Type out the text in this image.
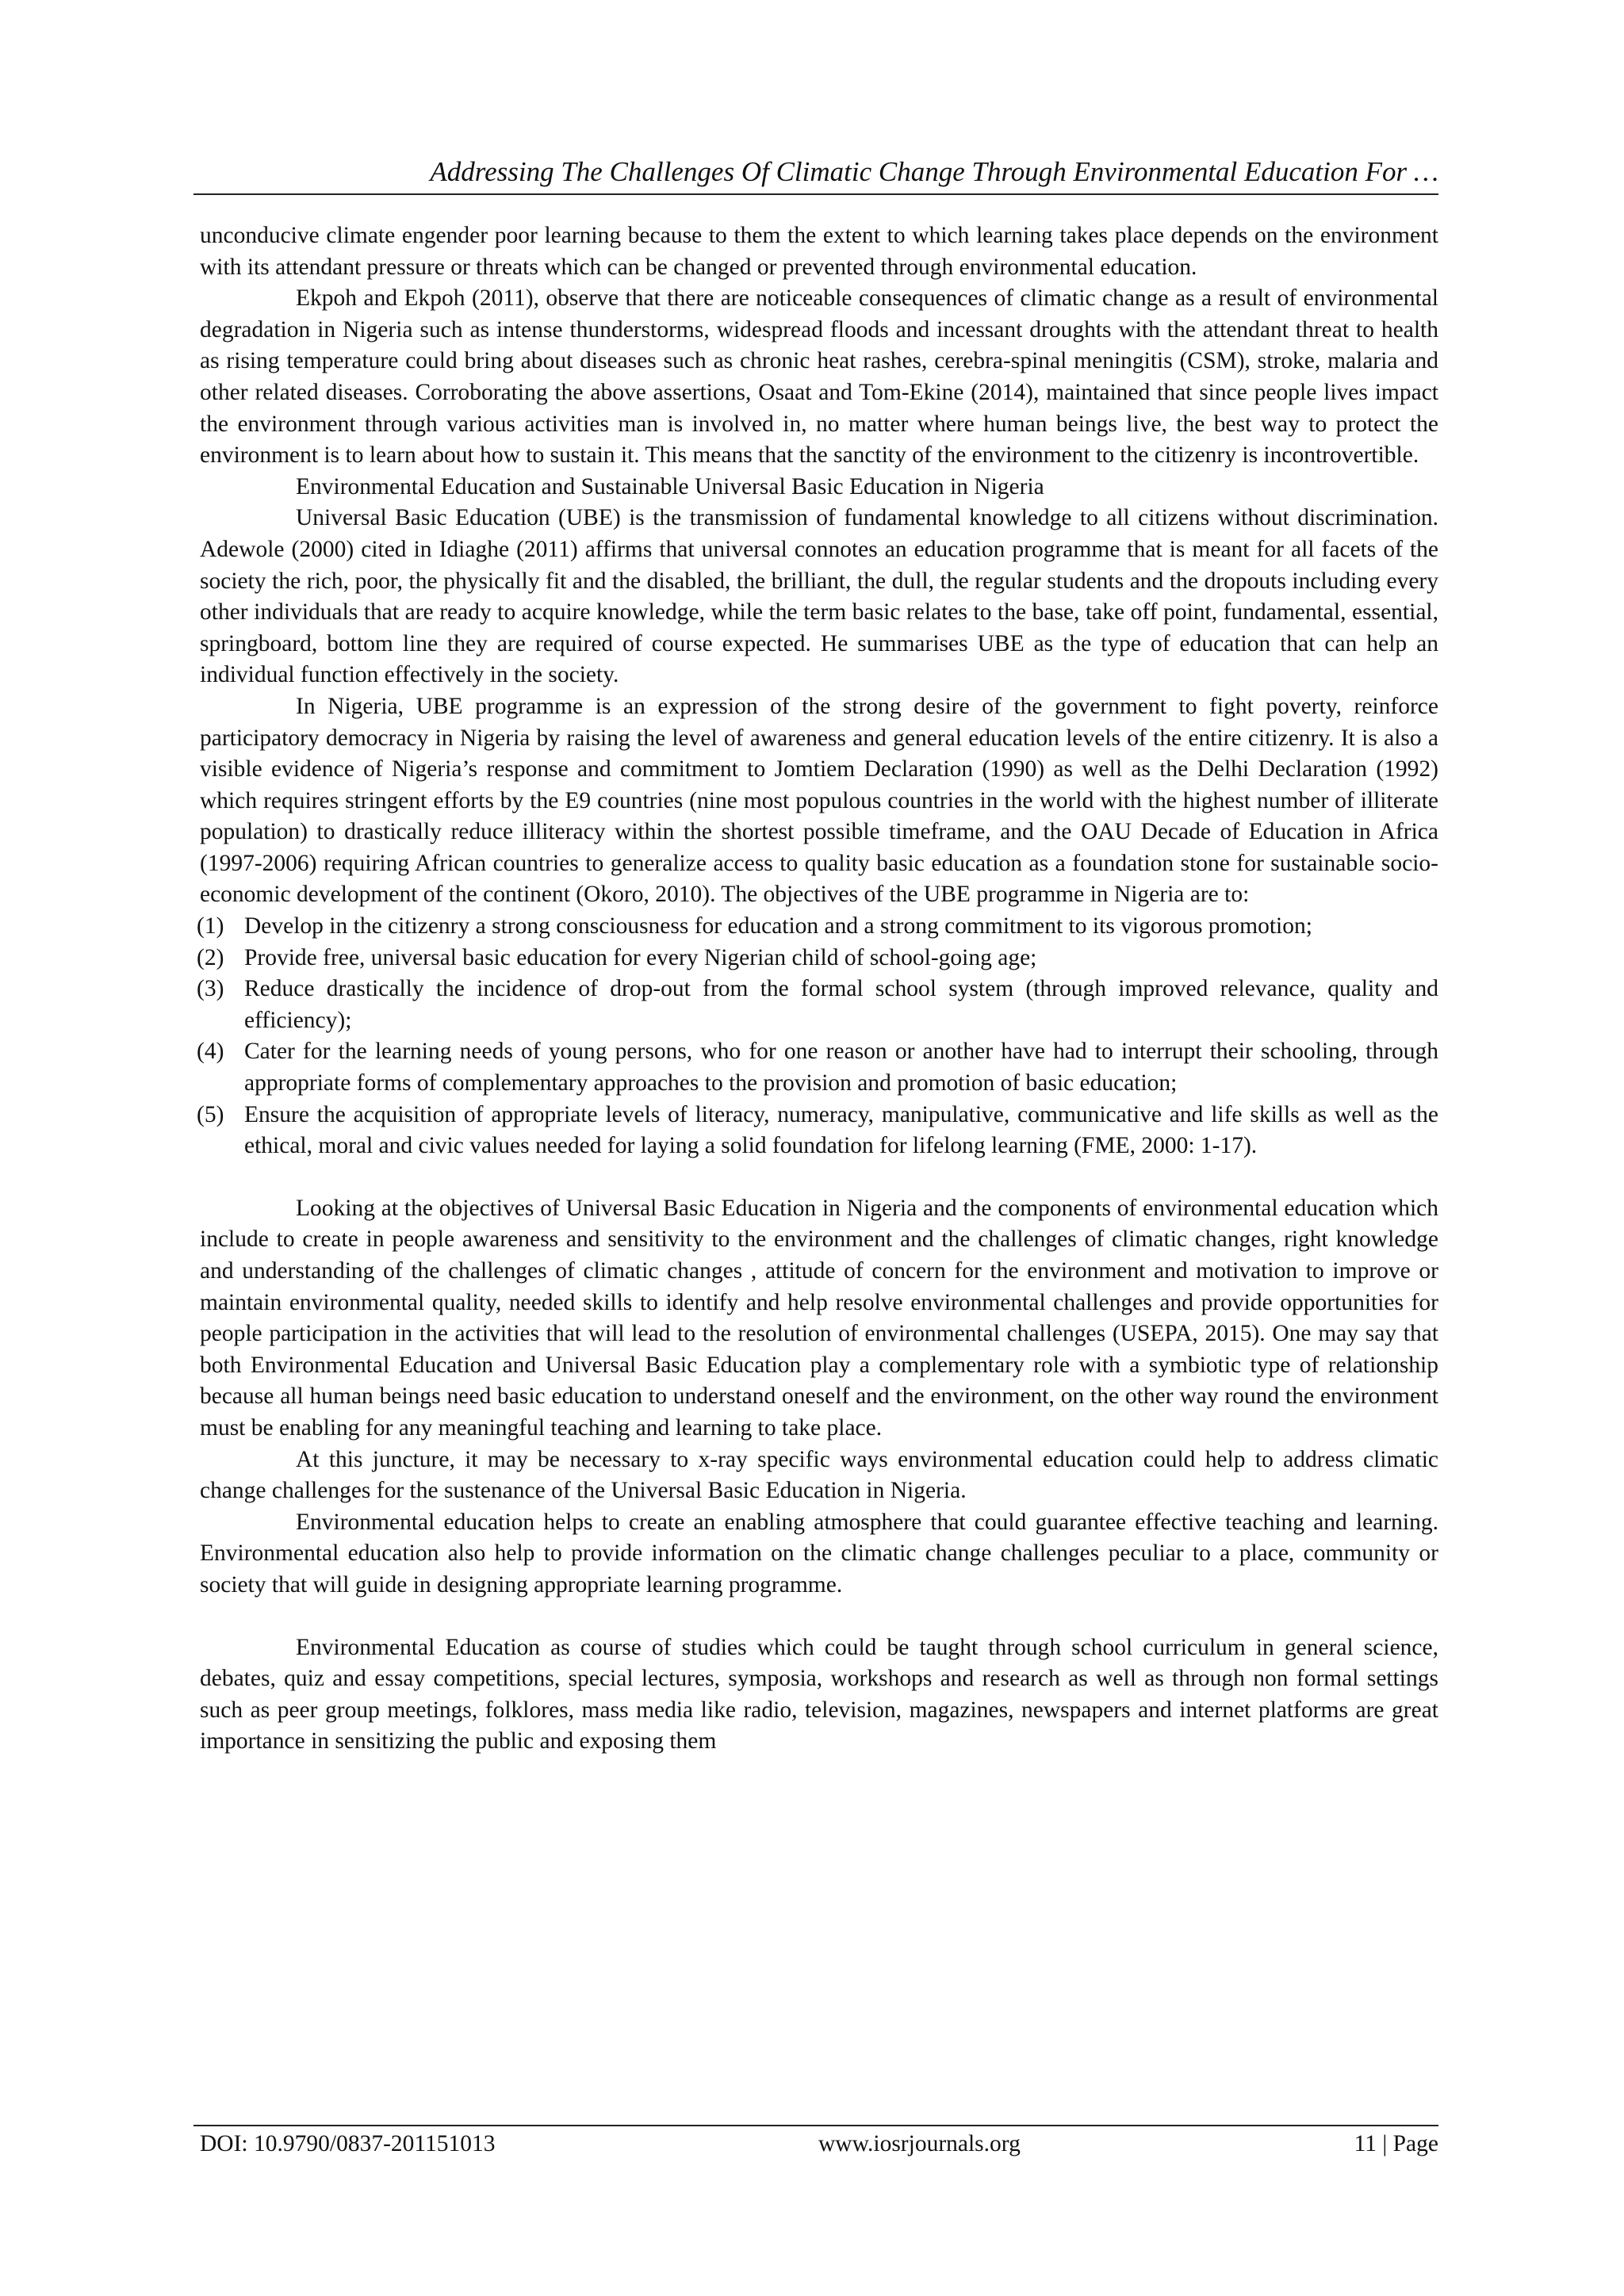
Addressing The Challenges Of Climatic Change Through Environmental Education For …

unconducive climate engender poor learning because to them the extent to which learning takes place depends on the environment with its attendant pressure or threats which can be changed or prevented through environmental education.

Ekpoh and Ekpoh (2011), observe that there are noticeable consequences of climatic change as a result of environmental degradation in Nigeria such as intense thunderstorms, widespread floods and incessant droughts with the attendant threat to health as rising temperature could bring about diseases such as chronic heat rashes, cerebra-spinal meningitis (CSM), stroke, malaria and other related diseases. Corroborating the above assertions, Osaat and Tom-Ekine (2014), maintained that since people lives impact the environment through various activities man is involved in, no matter where human beings live, the best way to protect the environment is to learn about how to sustain it. This means that the sanctity of the environment to the citizenry is incontrovertible.

Environmental Education and Sustainable Universal Basic Education in Nigeria

Universal Basic Education (UBE) is the transmission of fundamental knowledge to all citizens without discrimination. Adewole (2000) cited in Idiaghe (2011) affirms that universal connotes an education programme that is meant for all facets of the society the rich, poor, the physically fit and the disabled, the brilliant, the dull, the regular students and the dropouts including every other individuals that are ready to acquire knowledge, while the term basic relates to the base, take off point, fundamental, essential, springboard, bottom line they are required of course expected. He summarises UBE as the type of education that can help an individual function effectively in the society.

In Nigeria, UBE programme is an expression of the strong desire of the government to fight poverty, reinforce participatory democracy in Nigeria by raising the level of awareness and general education levels of the entire citizenry. It is also a visible evidence of Nigeria’s response and commitment to Jomtiem Declaration (1990) as well as the Delhi Declaration (1992) which requires stringent efforts by the E9 countries (nine most populous countries in the world with the highest number of illiterate population) to drastically reduce illiteracy within the shortest possible timeframe, and the OAU Decade of Education in Africa (1997-2006) requiring African countries to generalize access to quality basic education as a foundation stone for sustainable socio-economic development of the continent (Okoro, 2010). The objectives of the UBE programme in Nigeria are to:

(1) Develop in the citizenry a strong consciousness for education and a strong commitment to its vigorous promotion;
(2) Provide free, universal basic education for every Nigerian child of school-going age;
(3) Reduce drastically the incidence of drop-out from the formal school system (through improved relevance, quality and efficiency);
(4) Cater for the learning needs of young persons, who for one reason or another have had to interrupt their schooling, through appropriate forms of complementary approaches to the provision and promotion of basic education;
(5) Ensure the acquisition of appropriate levels of literacy, numeracy, manipulative, communicative and life skills as well as the ethical, moral and civic values needed for laying a solid foundation for lifelong learning (FME, 2000: 1-17).

Looking at the objectives of Universal Basic Education in Nigeria and the components of environmental education which include to create in people awareness and sensitivity to the environment and the challenges of climatic changes, right knowledge and understanding of the challenges of climatic changes , attitude of concern for the environment and motivation to improve or maintain environmental quality, needed skills to identify and help resolve environmental challenges and provide opportunities for people participation in the activities that will lead to the resolution of environmental challenges (USEPA, 2015). One may say that both Environmental Education and Universal Basic Education play a complementary role with a symbiotic type of relationship because all human beings need basic education to understand oneself and the environment, on the other way round the environment must be enabling for any meaningful teaching and learning to take place.

At this juncture, it may be necessary to x-ray specific ways environmental education could help to address climatic change challenges for the sustenance of the Universal Basic Education in Nigeria.

Environmental education helps to create an enabling atmosphere that could guarantee effective teaching and learning. Environmental education also help to provide information on the climatic change challenges peculiar to a place, community or society that will guide in designing appropriate learning programme.

Environmental Education as course of studies which could be taught through school curriculum in general science, debates, quiz and essay competitions, special lectures, symposia, workshops and research as well as through non formal settings such as peer group meetings, folklores, mass media like radio, television, magazines, newspapers and internet platforms are great importance in sensitizing the public and exposing them

DOI: 10.9790/0837-201151013	www.iosrjournals.org	11 | Page
